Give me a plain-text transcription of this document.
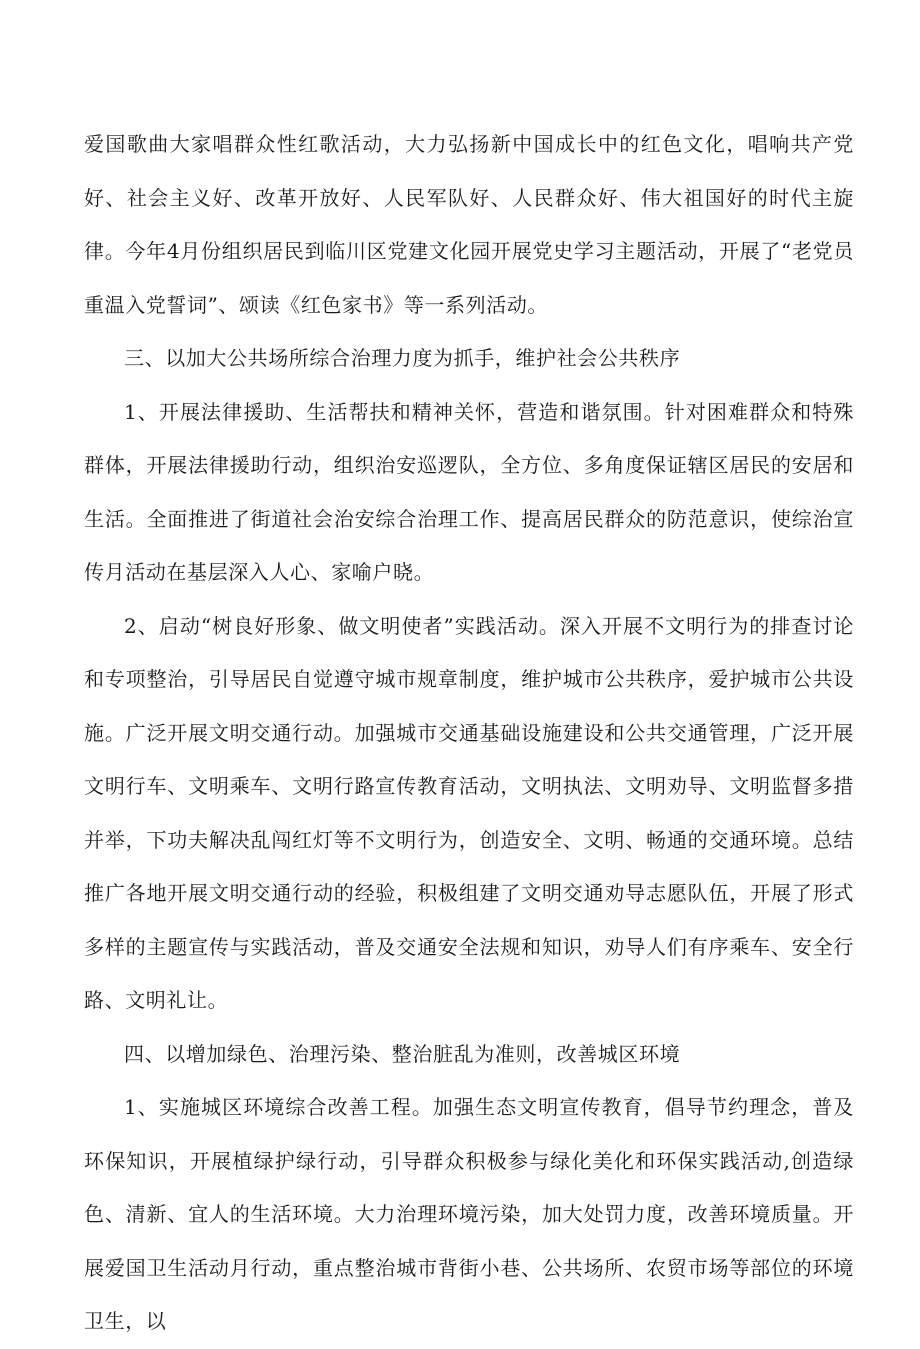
爱国歌曲大家唱群众性红歌活动，大力弘扬新中国成长中的红色文化，唱响共产党好、社会主义好、改革开放好、人民军队好、人民群众好、伟大祖国好的时代主旋律。今年4月份组织居民到临川区党建文化园开展党史学习主题活动，开展了“老党员重温入党誓词”、颂读《红色家书》等一系列活动。

三、以加大公共场所综合治理力度为抓手，维护社会公共秩序

1、开展法律援助、生活帮扶和精神关怀，营造和谐氛围。针对困难群众和特殊群体，开展法律援助行动，组织治安巡逻队，全方位、多角度保证辖区居民的安居和生活。全面推进了街道社会治安综合治理工作、提高居民群众的防范意识，使综治宣传月活动在基层深入人心、家喻户晓。

2、启动“树良好形象、做文明使者”实践活动。深入开展不文明行为的排查讨论和专项整治，引导居民自觉遵守城市规章制度，维护城市公共秩序，爱护城市公共设施。广泛开展文明交通行动。加强城市交通基础设施建设和公共交通管理，广泛开展文明行车、文明乘车、文明行路宣传教育活动，文明执法、文明劝导、文明监督多措并举，下功夫解决乱闯红灯等不文明行为，创造安全、文明、畅通的交通环境。总结推广各地开展文明交通行动的经验，积极组建了文明交通劝导志愿队伍，开展了形式多样的主题宣传与实践活动，普及交通安全法规和知识，劝导人们有序乘车、安全行路、文明礼让。

四、以增加绿色、治理污染、整治脏乱为准则，改善城区环境

1、实施城区环境综合改善工程。加强生态文明宣传教育，倡导节约理念，普及环保知识，开展植绿护绿行动，引导群众积极参与绿化美化和环保实践活动,创造绿色、清新、宜人的生活环境。大力治理环境污染，加大处罚力度，改善环境质量。开展爱国卫生活动月行动，重点整治城市背街小巷、公共场所、农贸市场等部位的环境卫生，以
